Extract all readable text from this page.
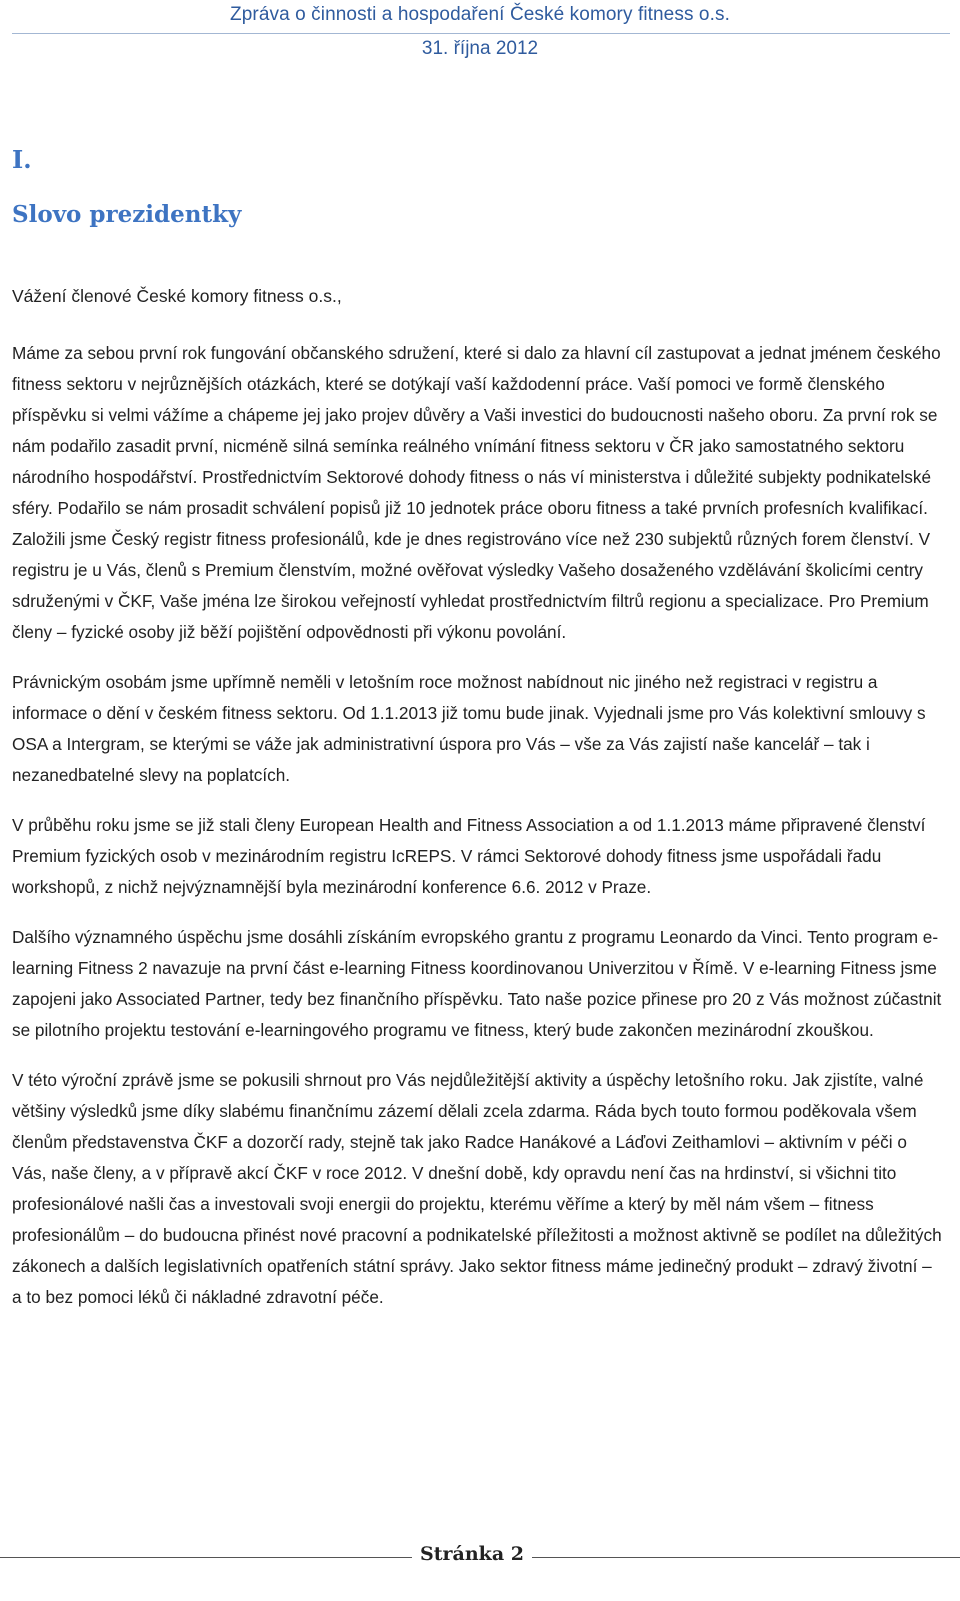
Zpráva o činnosti a hospodaření České komory fitness o.s.
31. října 2012
I.
Slovo prezidentky
Vážení členové České komory fitness o.s.,

Máme za sebou první rok fungování občanského sdružení, které si dalo za hlavní cíl zastupovat a jednat jménem českého fitness sektoru v nejrůznějších otázkách, které se dotýkají vaší každodenní práce. Vaší pomoci ve formě členského příspěvku si velmi vážíme a chápeme jej jako projev důvěry a Vaši investici do budoucnosti našeho oboru. Za první rok se nám podařilo zasadit první, nicméně silná semínka reálného vnímání fitness sektoru v ČR jako samostatného sektoru národního hospodářství. Prostřednictvím Sektorové dohody fitness o nás ví ministerstva i důležité subjekty podnikatelské sféry. Podařilo se nám prosadit schválení popisů již 10 jednotek práce oboru fitness a také prvních profesních kvalifikací. Založili jsme Český registr fitness profesionálů, kde je dnes registrováno více než 230 subjektů různých forem členství. V registru je u Vás, členů s Premium členstvím, možné ověřovat výsledky Vašeho dosaženého vzdělávání školicími centry sdruženými v ČKF, Vaše jména lze širokou veřejností vyhledat prostřednictvím filtrů regionu a specializace. Pro Premium členy – fyzické osoby již běží pojištění odpovědnosti při výkonu povolání.

Právnickým osobám jsme upřímně neměli v letošním roce možnost nabídnout nic jiného než registraci v registru a informace o dění v českém fitness sektoru. Od 1.1.2013 již tomu bude jinak. Vyjednali jsme pro Vás kolektivní smlouvy s OSA a Intergram, se kterými se váže jak administrativní úspora pro Vás – vše za Vás zajistí naše kancelář – tak i nezanedbatelné slevy na poplatcích.

V průběhu roku jsme se již stali členy European Health and Fitness Association a od 1.1.2013 máme připravené členství Premium fyzických osob v mezinárodním registru IcREPS. V rámci Sektorové dohody fitness jsme uspořádali řadu workshopů, z nichž nejvýznamnější byla mezinárodní konference 6.6. 2012 v Praze.

Dalšího významného úspěchu jsme dosáhli získáním evropského grantu z programu Leonardo da Vinci. Tento program e-learning Fitness 2 navazuje na první část e-learning Fitness koordinovanou Univerzitou v Římě. V e-learning Fitness jsme zapojeni jako Associated Partner, tedy bez finančního příspěvku. Tato naše pozice přinese pro 20 z Vás možnost zúčastnit se pilotního projektu testování e-learningového programu ve fitness, který bude zakončen mezinárodní zkouškou.

V této výroční zprávě jsme se pokusili shrnout pro Vás nejdůležitější aktivity a úspěchy letošního roku. Jak zjistíte, valné většiny výsledků jsme díky slabému finančnímu zázemí dělali zcela zdarma. Ráda bych touto formou poděkovala všem členům představenstva ČKF a dozorčí rady, stejně tak jako Radce Hanákové a Láďovi Zeithamlovi – aktivním v péči o Vás, naše členy, a v přípravě akcí ČKF v roce 2012. V dnešní době, kdy opravdu není čas na hrdinství, si všichni tito profesionálové našli čas a investovali svoji energii do projektu, kterému věříme a který by měl nám všem – fitness profesionálům – do budoucna přinést nové pracovní a podnikatelské příležitosti a možnost aktivně se podílet na důležitých zákonech a dalších legislativních opatřeních státní správy. Jako sektor fitness máme jedinečný produkt – zdravý životní – a to bez pomoci léků či nákladné zdravotní péče.

Stránka 2
